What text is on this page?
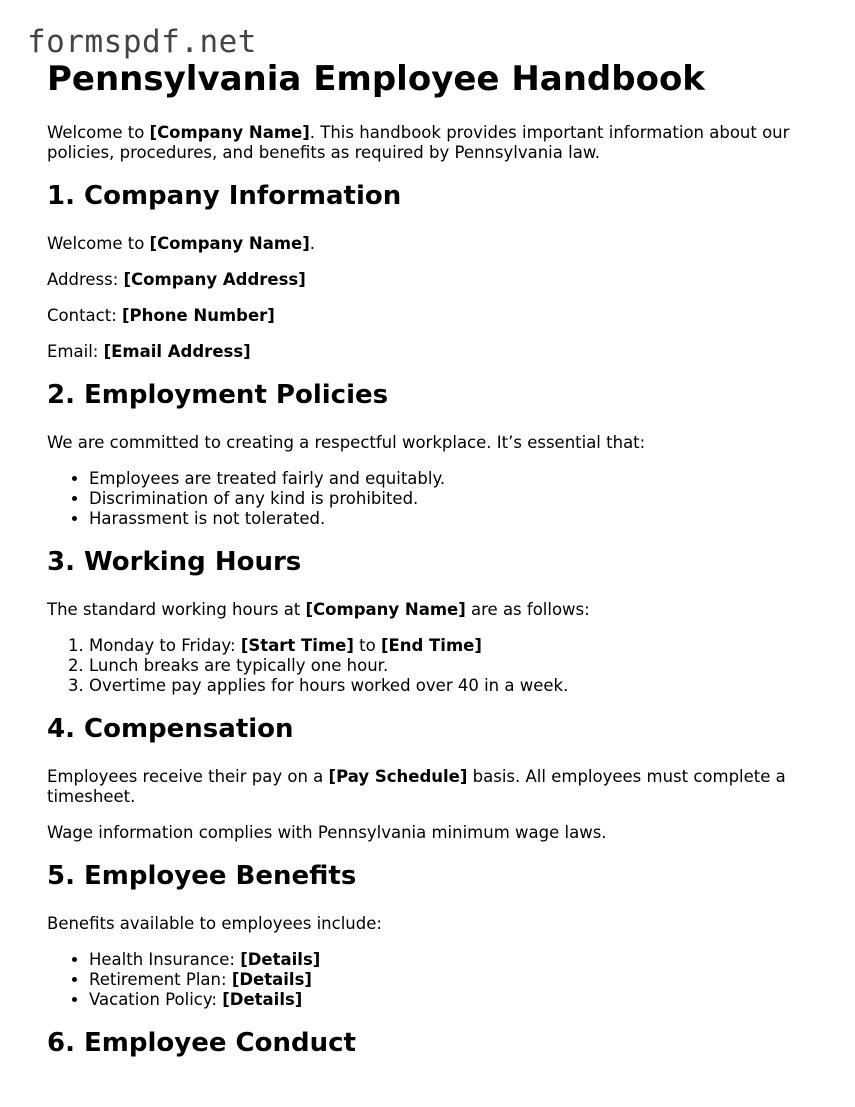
formspdf.net
Pennsylvania Employee Handbook

Welcome to [Company Name]. This handbook provides important information about our policies, procedures, and benefits as required by Pennsylvania law.

1. Company Information

Welcome to [Company Name].

Address: [Company Address]

Contact: [Phone Number]

Email: [Email Address]

2. Employment Policies

We are committed to creating a respectful workplace. It’s essential that:

• Employees are treated fairly and equitably.
• Discrimination of any kind is prohibited.
• Harassment is not tolerated.
3. Working Hours

The standard working hours at [Company Name] are as follows:

1. Monday to Friday: [Start Time] to [End Time]
2. Lunch breaks are typically one hour.
3. Overtime pay applies for hours worked over 40 in a week.
4. Compensation

Employees receive their pay on a [Pay Schedule] basis. All employees must complete a timesheet.

Wage information complies with Pennsylvania minimum wage laws.

5. Employee Benefits

Benefits available to employees include:

• Health Insurance: [Details]
• Retirement Plan: [Details]
• Vacation Policy: [Details]
6. Employee Conduct
